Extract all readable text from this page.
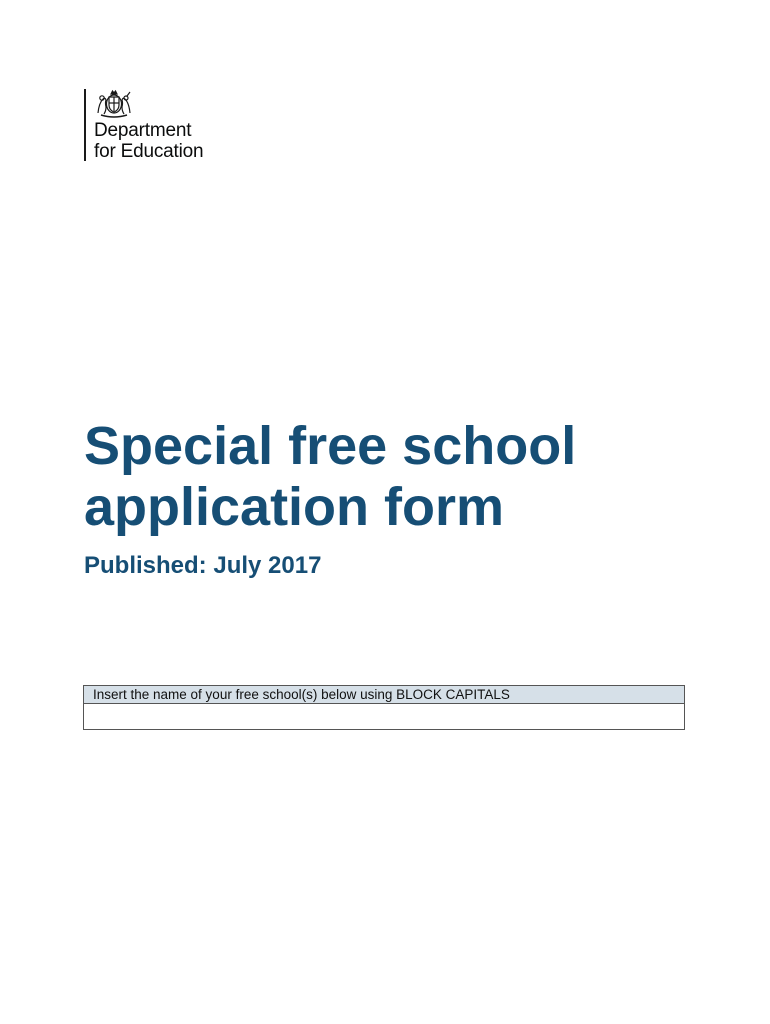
Department
for Education
Special free school application form
Published: July 2017
Insert the name of your free school(s) below using BLOCK CAPITALS
